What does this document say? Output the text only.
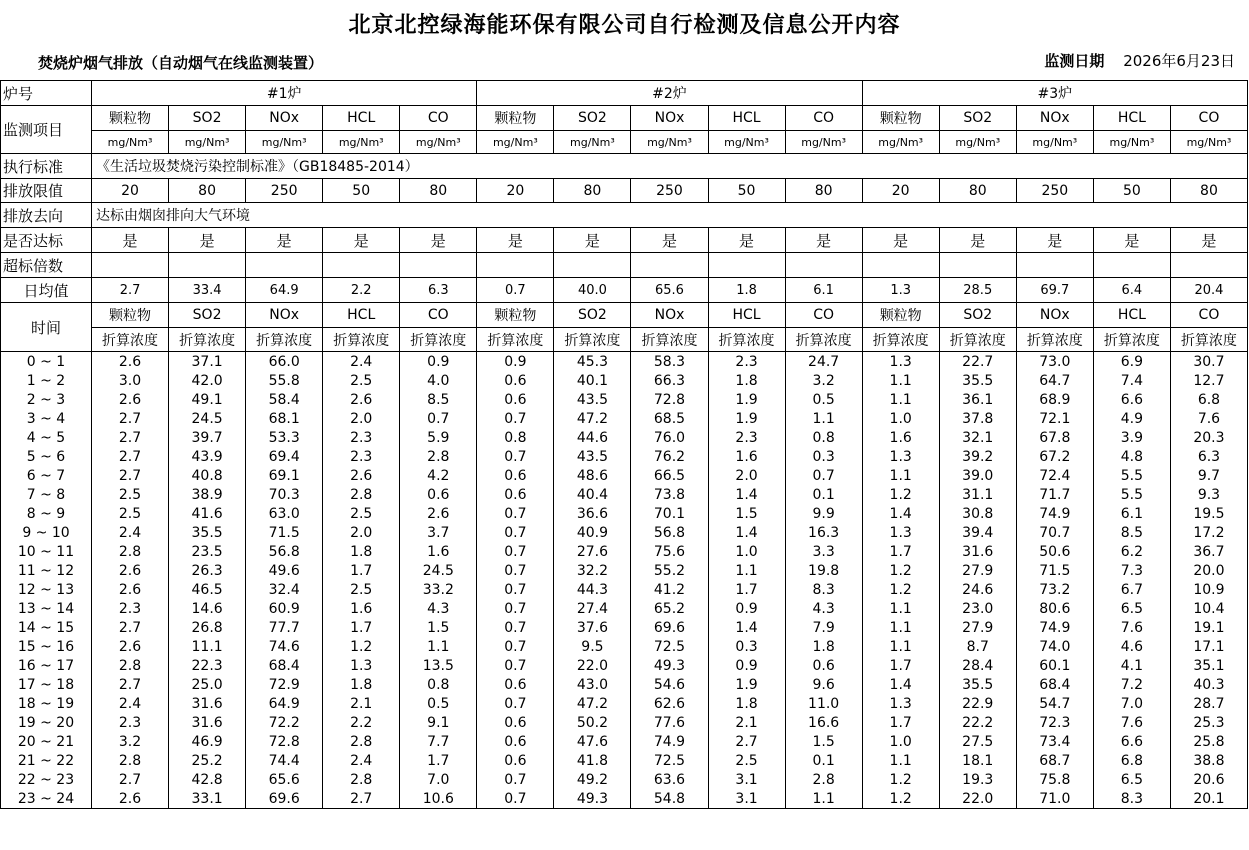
北京北控绿海能环保有限公司自行检测及信息公开内容
焚烧炉烟气排放（自动烟气在线监测装置）	监测日期 2026年6月23日
炉号	#1炉					#2炉					#3炉				
监测项目	颗粒物	SO2	NOx	HCL	CO	颗粒物	SO2	NOx	HCL	CO	颗粒物	SO2	NOx	HCL	CO
	mg/Nm³	mg/Nm³	mg/Nm³	mg/Nm³	mg/Nm³	mg/Nm³	mg/Nm³	mg/Nm³	mg/Nm³	mg/Nm³	mg/Nm³	mg/Nm³	mg/Nm³	mg/Nm³	mg/Nm³
执行标准	《生活垃圾焚烧污染控制标准》（GB18485-2014）														
排放限值	20	80	250	50	80	20	80	250	50	80	20	80	250	50	80
排放去向	达标由烟囱排向大气环境														
是否达标	是	是	是	是	是	是	是	是	是	是	是	是	是	是	是
超标倍数															
日均值	2.7	33.4	64.9	2.2	6.3	0.7	40.0	65.6	1.8	6.1	1.3	28.5	69.7	6.4	20.4
时间	颗粒物	SO2	NOx	HCL	CO	颗粒物	SO2	NOx	HCL	CO	颗粒物	SO2	NOx	HCL	CO
	折算浓度	折算浓度	折算浓度	折算浓度	折算浓度	折算浓度	折算浓度	折算浓度	折算浓度	折算浓度	折算浓度	折算浓度	折算浓度	折算浓度	折算浓度
0 ~ 1	2.6	37.1	66.0	2.4	0.9	0.9	45.3	58.3	2.3	24.7	1.3	22.7	73.0	6.9	30.7
1 ~ 2	3.0	42.0	55.8	2.5	4.0	0.6	40.1	66.3	1.8	3.2	1.1	35.5	64.7	7.4	12.7
2 ~ 3	2.6	49.1	58.4	2.6	8.5	0.6	43.5	72.8	1.9	0.5	1.1	36.1	68.9	6.6	6.8
3 ~ 4	2.7	24.5	68.1	2.0	0.7	0.7	47.2	68.5	1.9	1.1	1.0	37.8	72.1	4.9	7.6
4 ~ 5	2.7	39.7	53.3	2.3	5.9	0.8	44.6	76.0	2.3	0.8	1.6	32.1	67.8	3.9	20.3
5 ~ 6	2.7	43.9	69.4	2.3	2.8	0.7	43.5	76.2	1.6	0.3	1.3	39.2	67.2	4.8	6.3
6 ~ 7	2.7	40.8	69.1	2.6	4.2	0.6	48.6	66.5	2.0	0.7	1.1	39.0	72.4	5.5	9.7
7 ~ 8	2.5	38.9	70.3	2.8	0.6	0.6	40.4	73.8	1.4	0.1	1.2	31.1	71.7	5.5	9.3
8 ~ 9	2.5	41.6	63.0	2.5	2.6	0.7	36.6	70.1	1.5	9.9	1.4	30.8	74.9	6.1	19.5
9 ~ 10	2.4	35.5	71.5	2.0	3.7	0.7	40.9	56.8	1.4	16.3	1.3	39.4	70.7	8.5	17.2
10 ~ 11	2.8	23.5	56.8	1.8	1.6	0.7	27.6	75.6	1.0	3.3	1.7	31.6	50.6	6.2	36.7
11 ~ 12	2.6	26.3	49.6	1.7	24.5	0.7	32.2	55.2	1.1	19.8	1.2	27.9	71.5	7.3	20.0
12 ~ 13	2.6	46.5	32.4	2.5	33.2	0.7	44.3	41.2	1.7	8.3	1.2	24.6	73.2	6.7	10.9
13 ~ 14	2.3	14.6	60.9	1.6	4.3	0.7	27.4	65.2	0.9	4.3	1.1	23.0	80.6	6.5	10.4
14 ~ 15	2.7	26.8	77.7	1.7	1.5	0.7	37.6	69.6	1.4	7.9	1.1	27.9	74.9	7.6	19.1
15 ~ 16	2.6	11.1	74.6	1.2	1.1	0.7	9.5	72.5	0.3	1.8	1.1	8.7	74.0	4.6	17.1
16 ~ 17	2.8	22.3	68.4	1.3	13.5	0.7	22.0	49.3	0.9	0.6	1.7	28.4	60.1	4.1	35.1
17 ~ 18	2.7	25.0	72.9	1.8	0.8	0.6	43.0	54.6	1.9	9.6	1.4	35.5	68.4	7.2	40.3
18 ~ 19	2.4	31.6	64.9	2.1	0.5	0.7	47.2	62.6	1.8	11.0	1.3	22.9	54.7	7.0	28.7
19 ~ 20	2.3	31.6	72.2	2.2	9.1	0.6	50.2	77.6	2.1	16.6	1.7	22.2	72.3	7.6	25.3
20 ~ 21	3.2	46.9	72.8	2.8	7.7	0.6	47.6	74.9	2.7	1.5	1.0	27.5	73.4	6.6	25.8
21 ~ 22	2.8	25.2	74.4	2.4	1.7	0.6	41.8	72.5	2.5	0.1	1.1	18.1	68.7	6.8	38.8
22 ~ 23	2.7	42.8	65.6	2.8	7.0	0.7	49.2	63.6	3.1	2.8	1.2	19.3	75.8	6.5	20.6
23 ~ 24	2.6	33.1	69.6	2.7	10.6	0.7	49.3	54.8	3.1	1.1	1.2	22.0	71.0	8.3	20.1
